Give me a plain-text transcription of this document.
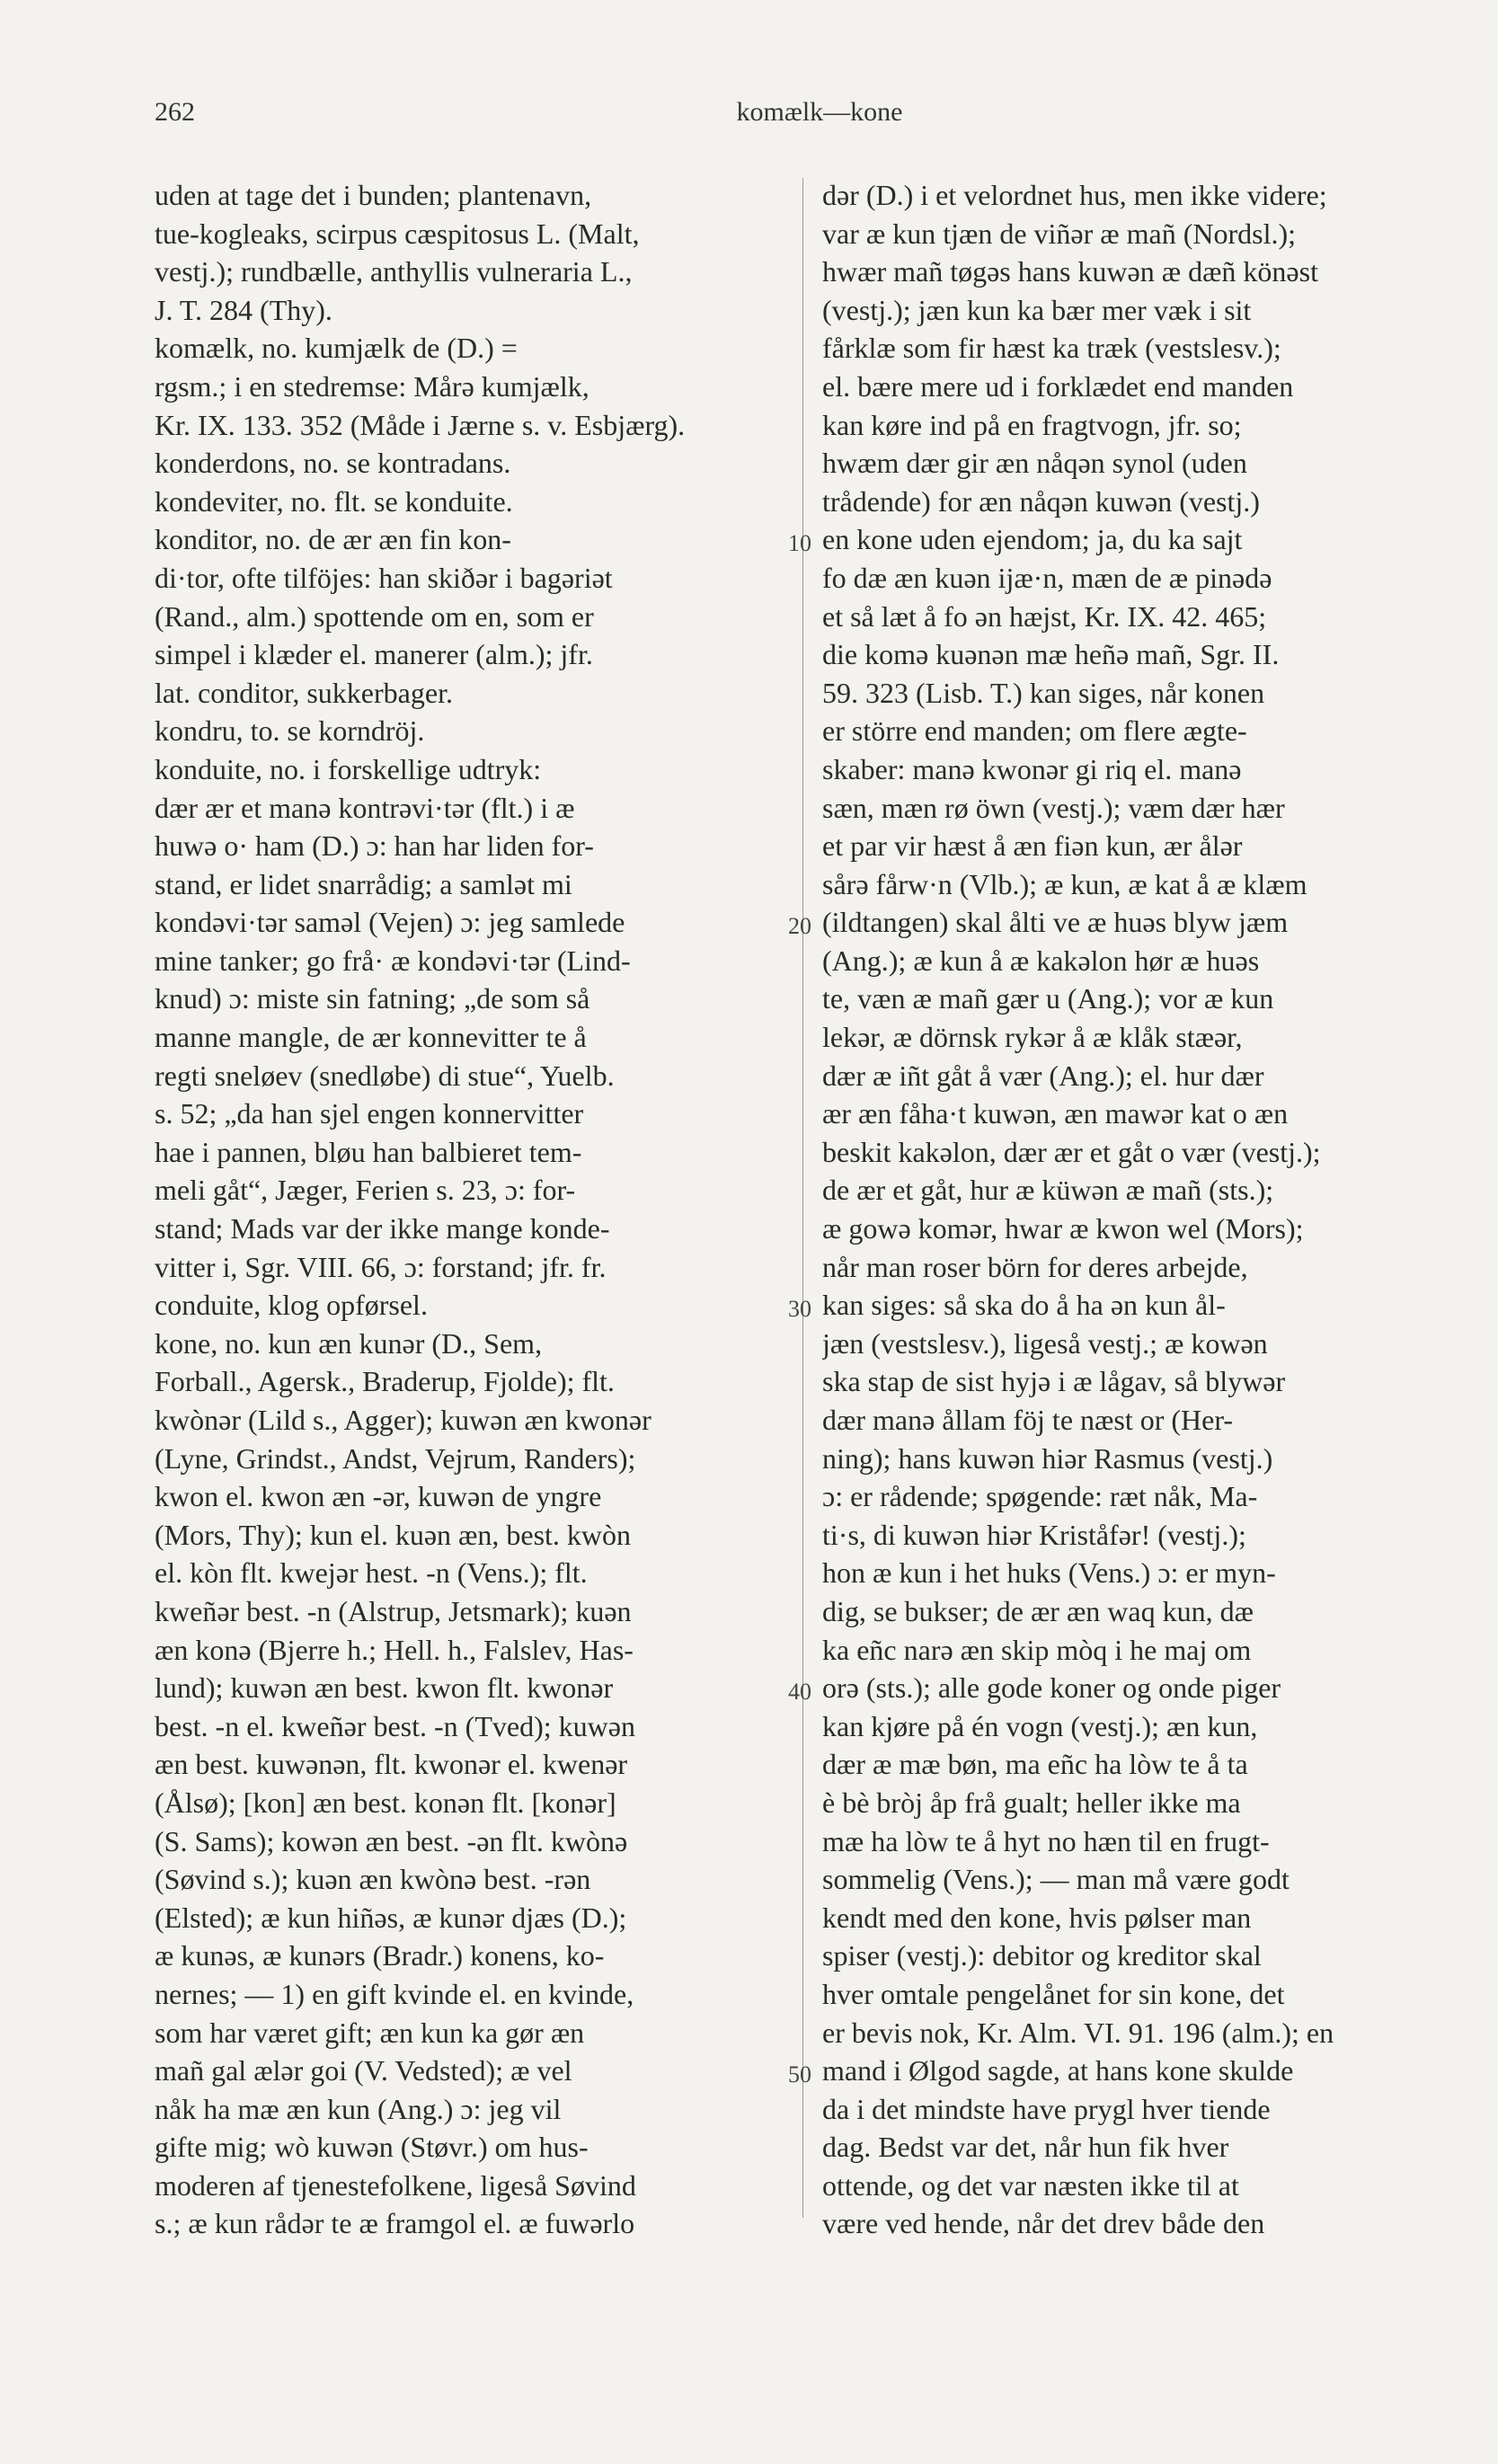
262	komælk—kone
uden at tage det i bunden; plantenavn,
tue-kogleaks, scirpus cæspitosus L. (Malt,
vestj.); rundbælle, anthyllis vulneraria L.,
J. T. 284 (Thy).
komælk, no. kumjælk de (D.) =
rgsm.; i en stedremse: Mårə kumjælk,
Kr. IX. 133. 352 (Måde i Jærne s. v. Esbjærg).
konderdons, no. se kontradans.
kondeviter, no. flt. se konduite.
konditor, no. de ær æn fin kon-
di·tor, ofte tilföjes: han skiðər i bagəriət
(Rand., alm.) spottende om en, som er
simpel i klæder el. manerer (alm.); jfr.
lat. conditor, sukkerbager.
kondru, to. se korndröj.
konduite, no. i forskellige udtryk:
dær ær et manə kontrəvi·tər (flt.) i æ
huwə o· ham (D.) ɔ: han har liden for-
stand, er lidet snarrådig; a samlət mi
kondəvi·tər saməl (Vejen) ɔ: jeg samlede
mine tanker; go frå· æ kondəvi·tər (Lind-
knud) ɔ: miste sin fatning; „de som så
manne mangle, de ær konnevitter te å
regti sneløev (snedløbe) di stue“, Yuelb.
s. 52; „da han sjel engen konnervitter
hae i pannen, bløu han balbieret tem-
meli gåt“, Jæger, Ferien s. 23, ɔ: for-
stand; Mads var der ikke mange konde-
vitter i, Sgr. VIII. 66, ɔ: forstand; jfr. fr.
conduite, klog opførsel.
kone, no. kun æn kunər (D., Sem,
Forball., Agersk., Braderup, Fjolde); flt.
kwònər (Lild s., Agger); kuwən æn kwonər
(Lyne, Grindst., Andst, Vejrum, Randers);
kwon el. kwon æn -ər, kuwən de yngre
(Mors, Thy); kun el. kuən æn, best. kwòn
el. kòn flt. kwejər hest. -n (Vens.); flt.
kweñər best. -n (Alstrup, Jetsmark); kuən
æn konə (Bjerre h.; Hell. h., Falslev, Has-
lund); kuwən æn best. kwon flt. kwonər
best. -n el. kweñər best. -n (Tved); kuwən
æn best. kuwənən, flt. kwonər el. kwenər
(Ålsø); [kon] æn best. konən flt. [konər]
(S. Sams); kowən æn best. -ən flt. kwònə
(Søvind s.); kuən æn kwònə best. -rən
(Elsted); æ kun hiñəs, æ kunər djæs (D.);
æ kunəs, æ kunərs (Bradr.) konens, ko-
nernes; — 1) en gift kvinde el. en kvinde,
som har været gift; æn kun ka gør æn
mañ gal ælər goi (V. Vedsted); æ vel
nåk ha mæ æn kun (Ang.) ɔ: jeg vil
gifte mig; wò kuwən (Støvr.) om hus-
moderen af tjenestefolkene, ligeså Søvind
s.; æ kun rådər te æ framgol el. æ fuwərlo
dər (D.) i et velordnet hus, men ikke videre;
var æ kun tjæn de viñər æ mañ (Nordsl.);
hwær mañ tøgəs hans kuwən æ dæñ könəst
(vestj.); jæn kun ka bær mer væk i sit
fårklæ som fir hæst ka træk (vestslesv.);
el. bære mere ud i forklædet end manden
kan køre ind på en fragtvogn, jfr. so;
hwæm dær gir æn nåqən synol (uden
trådende) for æn nåqən kuwən (vestj.)
en kone uden ejendom; ja, du ka sajt
fo dæ æn kuən ijæ·n, mæn de æ pinədə
et så læt å fo ən hæjst, Kr. IX. 42. 465;
die komə kuənən mæ heñə mañ, Sgr. II.
59. 323 (Lisb. T.) kan siges, når konen
er större end manden; om flere ægte-
skaber: manə kwonər gi riq el. manə
sæn, mæn rø öwn (vestj.); væm dær hær
et par vir hæst å æn fiən kun, ær ålər
sårə fårw·n (Vlb.); æ kun, æ kat å æ klæm
(ildtangen) skal ålti ve æ huəs blyw jæm
(Ang.); æ kun å æ kakəlon hør æ huəs
te, væn æ mañ gær u (Ang.); vor æ kun
lekər, æ dörnsk rykər å æ klåk stæər,
dær æ iñt gåt å vær (Ang.); el. hur dær
ær æn fåha·t kuwən, æn mawər kat o æn
beskit kakəlon, dær ær et gåt o vær (vestj.);
de ær et gåt, hur æ küwən æ mañ (sts.);
æ gowə komər, hwar æ kwon wel (Mors);
når man roser börn for deres arbejde,
kan siges: så ska do å ha ən kun ål-
jæn (vestslesv.), ligeså vestj.; æ kowən
ska stap de sist hyjə i æ lågav, så blywər
dær manə ållam föj te næst or (Her-
ning); hans kuwən hiər Rasmus (vestj.)
ɔ: er rådende; spøgende: ræt nåk, Ma-
ti·s, di kuwən hiər Kriståfər! (vestj.);
hon æ kun i het huks (Vens.) ɔ: er myn-
dig, se bukser; de ær æn waq kun, dæ
ka eñc narə æn skip mòq i he maj om
orə (sts.); alle gode koner og onde piger
kan kjøre på én vogn (vestj.); æn kun,
dær æ mæ bøn, ma eñc ha lòw te å ta
è bè bròj åp frå gualt; heller ikke ma
mæ ha lòw te å hyt no hæn til en frugt-
sommelig (Vens.); — man må være godt
kendt med den kone, hvis pølser man
spiser (vestj.): debitor og kreditor skal
hver omtale pengelånet for sin kone, det
er bevis nok, Kr. Alm. VI. 91. 196 (alm.); en
mand i Ølgod sagde, at hans kone skulde
da i det mindste have prygl hver tiende
dag. Bedst var det, når hun fik hver
ottende, og det var næsten ikke til at
være ved hende, når det drev både den
10
20
30
40
50
